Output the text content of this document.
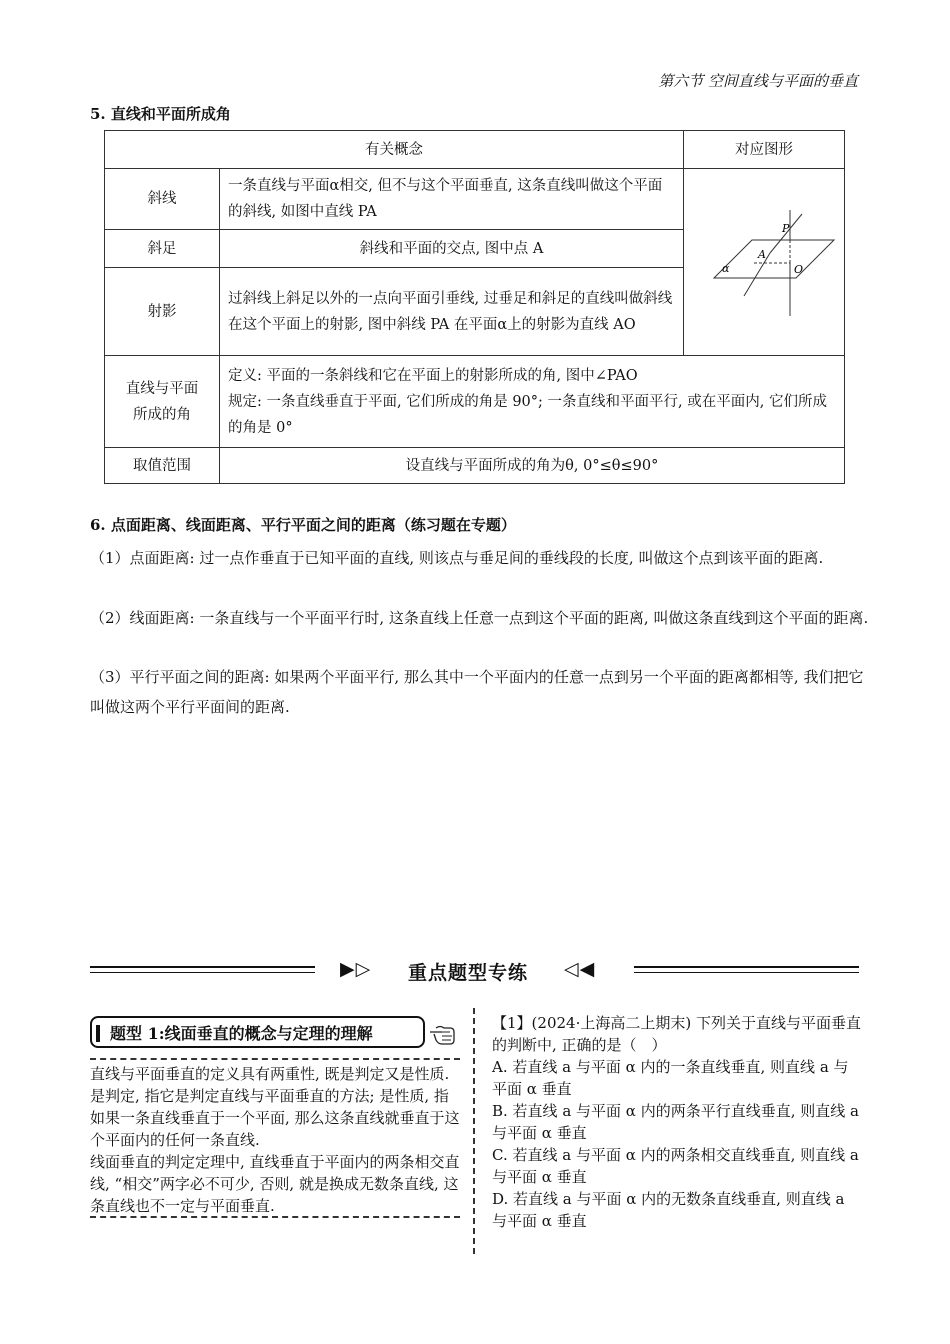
第六节 空间直线与平面的垂直
5. 直线和平面所成角
有关概念		对应图形
斜线	一条直线与平面α相交, 但不与这个平面垂直, 这条直线叫做这个平面的斜线, 如图中直线 PA	P
A
α O

斜足	斜线和平面的交点, 图中点 A	
射影	过斜线上斜足以外的一点向平面引垂线, 过垂足和斜足的直线叫做斜线在这个平面上的射影, 图中斜线 PA 在平面α上的射影为直线 AO	
直线与平面所成的角	定义: 平面的一条斜线和它在平面上的射影所成的角, 图中∠PAO
规定: 一条直线垂直于平面, 它们所成的角是 90°; 一条直线和平面平行, 或在平面内, 它们所成的角是 0°	

取值范围	设直线与平面所成的角为θ, 0°≤θ≤90°	
6. 点面距离、线面距离、平行平面之间的距离（练习题在专题）
（1）点面距离: 过一点作垂直于已知平面的直线, 则该点与垂足间的垂线段的长度, 叫做这个点到该平面的距离.
（2）线面距离: 一条直线与一个平面平行时, 这条直线上任意一点到这个平面的距离, 叫做这条直线到这个平面的距离.
（3）平行平面之间的距离: 如果两个平面平行, 那么其中一个平面内的任意一点到另一个平面的距离都相等, 我们把它叫做这两个平行平面间的距离.
▶▷ 重点题型专练 ◁◀
题型 1:线面垂直的概念与定理的理解
直线与平面垂直的定义具有两重性, 既是判定又是性质. 是判定, 指它是判定直线与平面垂直的方法; 是性质, 指如果一条直线垂直于一个平面, 那么这条直线就垂直于这个平面内的任何一条直线.
线面垂直的判定定理中, 直线垂直于平面内的两条相交直线, “相交”两字必不可少, 否则, 就是换成无数条直线, 这条直线也不一定与平面垂直.
【1】(2024·上海高二上期末) 下列关于直线与平面垂直的判断中, 正确的是（　）
A. 若直线 a 与平面 α 内的一条直线垂直, 则直线 a 与平面 α 垂直
B. 若直线 a 与平面 α 内的两条平行直线垂直, 则直线 a 与平面 α 垂直
C. 若直线 a 与平面 α 内的两条相交直线垂直, 则直线 a 与平面 α 垂直
D. 若直线 a 与平面 α 内的无数条直线垂直, 则直线 a 与平面 α 垂直
